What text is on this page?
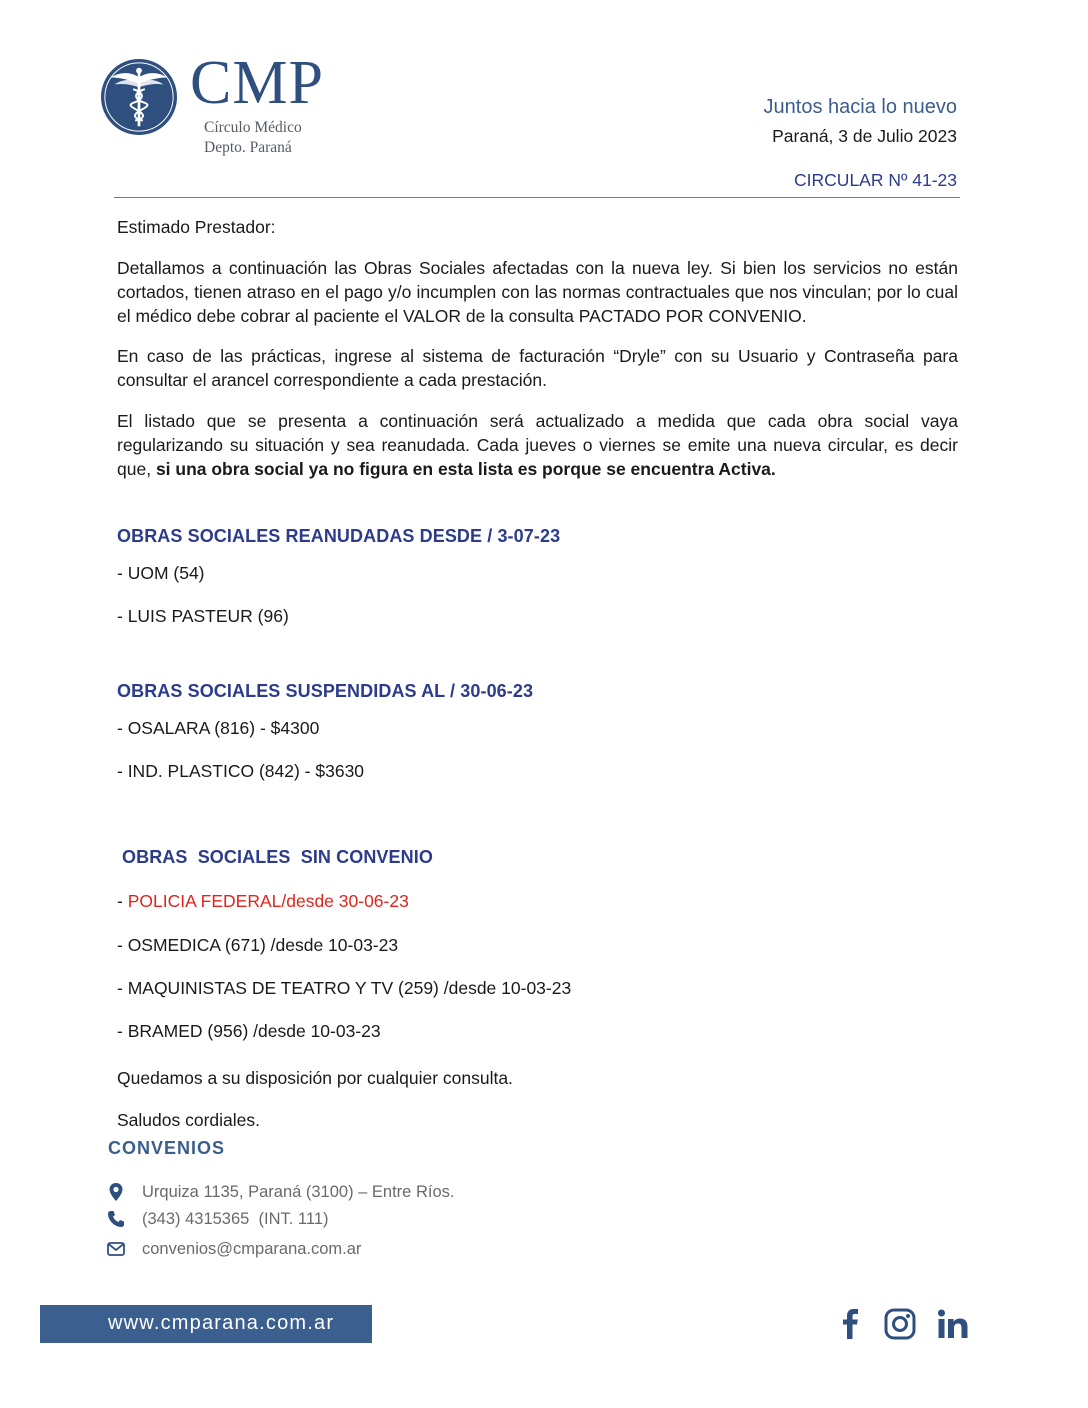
CMP
Círculo Médico
Depto. Paraná
Juntos hacia lo nuevo
Paraná, 3 de Julio 2023
CIRCULAR Nº 41-23
Estimado Prestador:
Detallamos a continuación las Obras Sociales afectadas con la nueva ley. Si bien los servicios no están cortados, tienen atraso en el pago y/o incumplen con las normas contractuales que nos vinculan; por lo cual el médico debe cobrar al paciente el VALOR de la consulta PACTADO POR CONVENIO.
En caso de las prácticas, ingrese al sistema de facturación “Dryle” con su Usuario y Contraseña para consultar el arancel correspondiente a cada prestación.
El listado que se presenta a continuación será actualizado a medida que cada obra social vaya regularizando su situación y sea reanudada. Cada jueves o viernes se emite una nueva circular, es decir que, si una obra social ya no figura en esta lista es porque se encuentra Activa.
OBRAS SOCIALES REANUDADAS DESDE / 3-07-23
- UOM (54)
- LUIS PASTEUR (96)
OBRAS SOCIALES SUSPENDIDAS AL / 30-06-23
- OSALARA (816) - $4300
- IND. PLASTICO (842) - $3630
OBRAS  SOCIALES  SIN CONVENIO
- POLICIA FEDERAL/desde 30-06-23
- OSMEDICA (671) /desde 10-03-23
- MAQUINISTAS DE TEATRO Y TV (259) /desde 10-03-23
- BRAMED (956) /desde 10-03-23
Quedamos a su disposición por cualquier consulta.
Saludos cordiales.
CONVENIOS
Urquiza 1135, Paraná (3100) – Entre Ríos.
(343) 4315365  (INT. 111)
convenios@cmparana.com.ar
www.cmparana.com.ar
